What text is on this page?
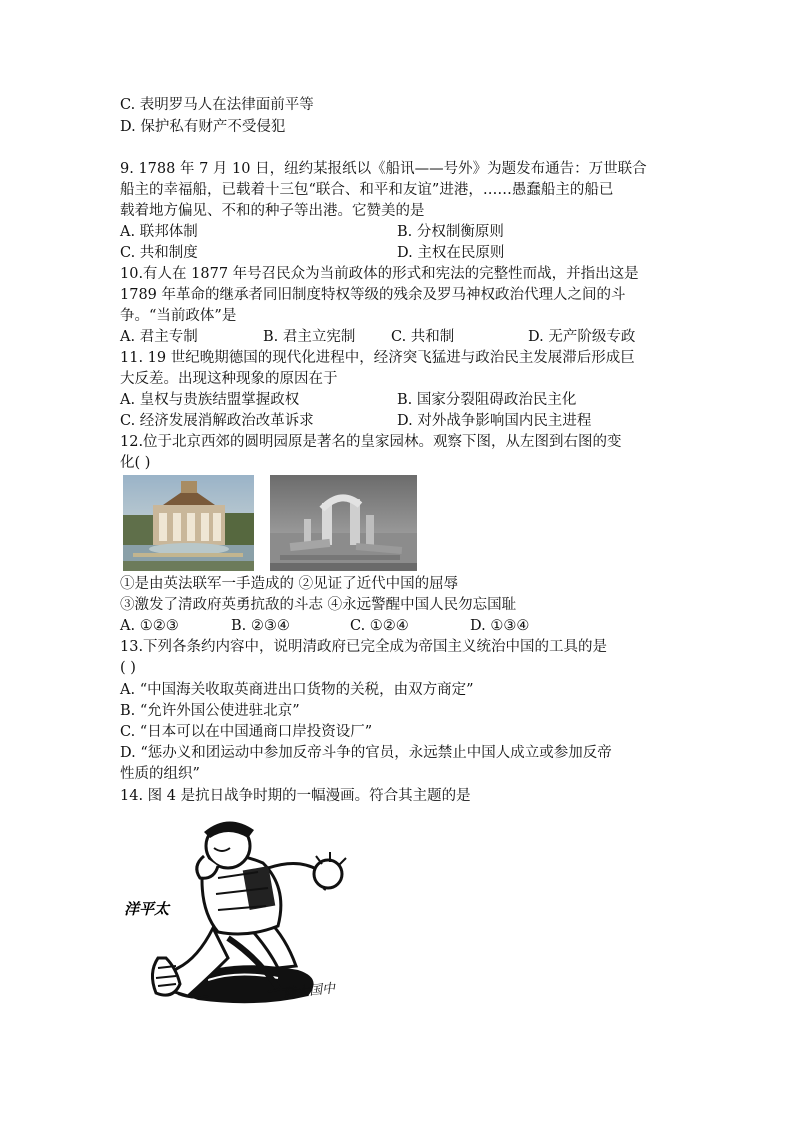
C. 表明罗马人在法律面前平等
D. 保护私有财产不受侵犯
9. 1788 年 7 月 10 日，纽约某报纸以《船讯——号外》为题发布通告：万世联合
船主的幸福船，已载着十三包“联合、和平和友谊”进港，……愚蠢船主的船已
载着地方偏见、不和的种子等出港。它赞美的是
A. 联邦体制	B. 分权制衡原则
C. 共和制度	D. 主权在民原则
10.有人在 1877 年号召民众为当前政体的形式和宪法的完整性而战，并指出这是
1789 年革命的继承者同旧制度特权等级的残余及罗马神权政治代理人之间的斗
争。“当前政体”是
A. 君主专制	B. 君主立宪制 C. 共和制	D. 无产阶级专政
11. 19 世纪晚期德国的现代化进程中，经济突飞猛进与政治民主发展滞后形成巨
大反差。出现这种现象的原因在于
A. 皇权与贵族结盟掌握政权	B. 国家分裂阻碍政治民主化
C. 经济发展消解政治改革诉求	D. 对外战争影响国内民主进程
12.位于北京西郊的圆明园原是著名的皇家园林。观察下图，从左图到右图的变
化( )
①是由英法联军一手造成的 ②见证了近代中国的屈辱
③激发了清政府英勇抗敌的斗志 ④永远警醒中国人民勿忘国耻
A. ①②③	B. ②③④	C. ①②④	D. ①③④
13.下列各条约内容中，说明清政府已完全成为帝国主义统治中国的工具的是
( )
A. “中国海关收取英商进出口货物的关税，由双方商定”
B. “允许外国公使进驻北京”
C. “日本可以在中国通商口岸投资设厂”
D. “惩办义和团运动中参加反帝斗争的官员，永远禁止中国人成立或参加反帝
性质的组织”
14. 图 4 是抗日战争时期的一幅漫画。符合其主题的是
洋平太
陸大国中
